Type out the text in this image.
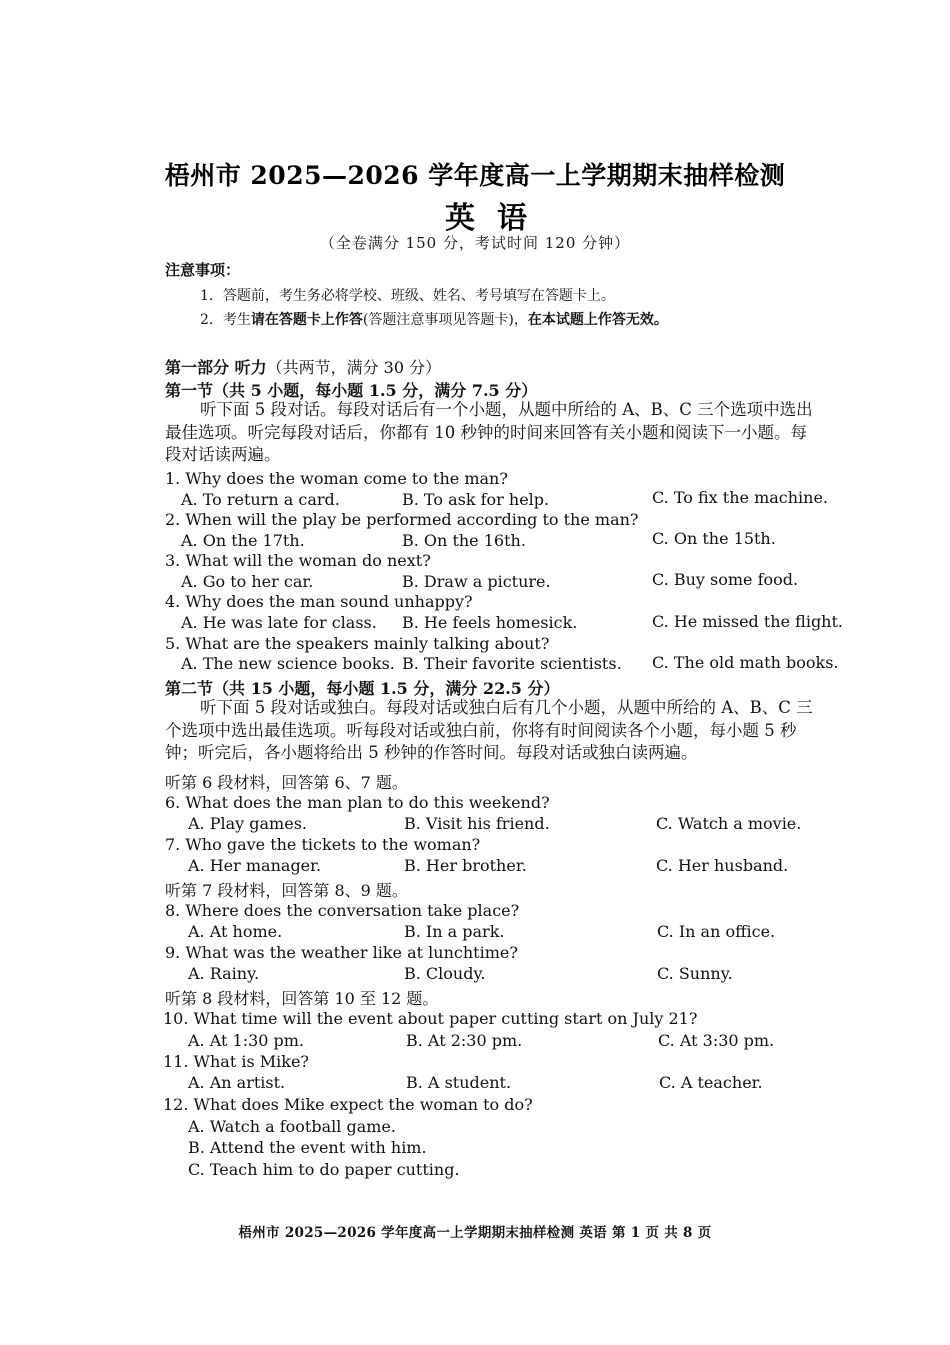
梧州市 2025—2026 学年度高一上学期期末抽样检测
英语
（全卷满分 150 分，考试时间 120 分钟）
注意事项：
1．答题前，考生务必将学校、班级、姓名、考号填写在答题卡上。
2．考生请在答题卡上作答(答题注意事项见答题卡)，在本试题上作答无效。
第一部分 听力（共两节，满分 30 分）
第一节（共 5 小题，每小题 1.5 分，满分 7.5 分）
听下面 5 段对话。每段对话后有一个小题，从题中所给的 A、B、C 三个选项中选出最佳选项。听完每段对话后，你都有 10 秒钟的时间来回答有关小题和阅读下一小题。每段对话读两遍。
1. Why does the woman come to the man?
A. To return a card.	B. To ask for help.	C. To fix the machine.
2. When will the play be performed according to the man?
A. On the 17th.	B. On the 16th.	C. On the 15th.
3. What will the woman do next?
A. Go to her car.	B. Draw a picture.	C. Buy some food.
4. Why does the man sound unhappy?
A. He was late for class. B. He feels homesick.	C. He missed the flight.
5. What are the speakers mainly talking about?
A. The new science books. B. Their favorite scientists. C. The old math books.
第二节（共 15 小题，每小题 1.5 分，满分 22.5 分）
听下面 5 段对话或独白。每段对话或独白后有几个小题，从题中所给的 A、B、C 三个选项中选出最佳选项。听每段对话或独白前，你将有时间阅读各个小题，每小题 5 秒钟；听完后，各小题将给出 5 秒钟的作答时间。每段对话或独白读两遍。
听第 6 段材料，回答第 6、7 题。
6. What does the man plan to do this weekend?
A. Play games.	B. Visit his friend.	C. Watch a movie.
7. Who gave the tickets to the woman?
A. Her manager.	B. Her brother.	C. Her husband.
听第 7 段材料，回答第 8、9 题。
8. Where does the conversation take place?
A. At home.	B. In a park.	C. In an office.
9. What was the weather like at lunchtime?
A. Rainy.	B. Cloudy.	C. Sunny.
听第 8 段材料，回答第 10 至 12 题。
10. What time will the event about paper cutting start on July 21?
A. At 1:30 pm.	B. At 2:30 pm.	C. At 3:30 pm.
11. What is Mike?
A. An artist.	B. A student.	C. A teacher.
12. What does Mike expect the woman to do?
A. Watch a football game.
B. Attend the event with him.
C. Teach him to do paper cutting.
梧州市 2025—2026 学年度高一上学期期末抽样检测 英语 第 1 页 共 8 页
